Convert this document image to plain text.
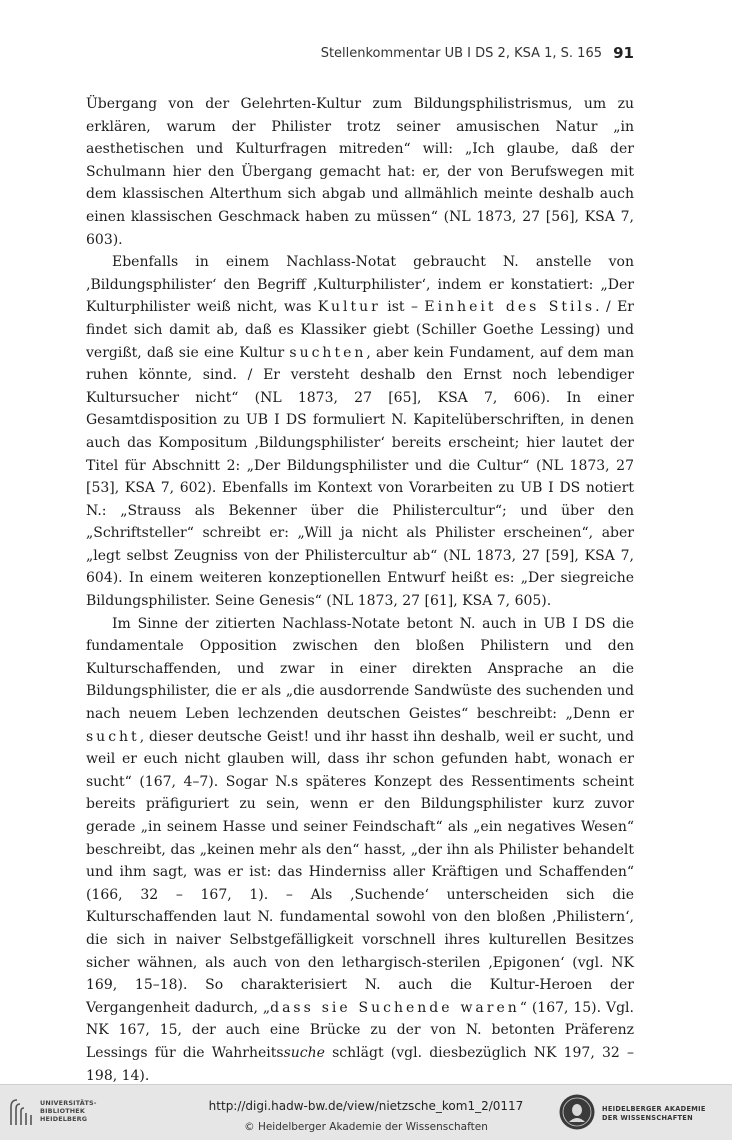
Stellenkommentar UB I DS 2, KSA 1, S. 165 91

Übergang von der Gelehrten-Kultur zum Bildungsphilistrismus, um zu erklären, warum der Philister trotz seiner amusischen Natur „in aesthetischen und Kulturfragen mitreden“ will: „Ich glaube, daß der Schulmann hier den Übergang gemacht hat: er, der von Berufswegen mit dem klassischen Alterthum sich abgab und allmählich meinte deshalb auch einen klassischen Geschmack haben zu müssen“ (NL 1873, 27 [56], KSA 7, 603).

Ebenfalls in einem Nachlass-Notat gebraucht N. anstelle von ‚Bildungsphilister‘ den Begriff ‚Kulturphilister‘, indem er konstatiert: „Der Kulturphilister weiß nicht, was Kultur ist – Einheit des Stils. / Er findet sich damit ab, daß es Klassiker giebt (Schiller Goethe Lessing) und vergißt, daß sie eine Kultur suchten, aber kein Fundament, auf dem man ruhen könnte, sind. / Er versteht deshalb den Ernst noch lebendiger Kultursucher nicht“ (NL 1873, 27 [65], KSA 7, 606). In einer Gesamtdisposition zu UB I DS formuliert N. Kapitelüberschriften, in denen auch das Kompositum ‚Bildungsphilister‘ bereits erscheint; hier lautet der Titel für Abschnitt 2: „Der Bildungsphilister und die Cultur“ (NL 1873, 27 [53], KSA 7, 602). Ebenfalls im Kontext von Vorarbeiten zu UB I DS notiert N.: „Strauss als Bekenner über die Philistercultur“; und über den „Schriftsteller“ schreibt er: „Will ja nicht als Philister erscheinen“, aber „legt selbst Zeugniss von der Philistercultur ab“ (NL 1873, 27 [59], KSA 7, 604). In einem weiteren konzeptionellen Entwurf heißt es: „Der siegreiche Bildungsphilister. Seine Genesis“ (NL 1873, 27 [61], KSA 7, 605).

Im Sinne der zitierten Nachlass-Notate betont N. auch in UB I DS die fundamentale Opposition zwischen den bloßen Philistern und den Kulturschaffenden, und zwar in einer direkten Ansprache an die Bildungsphilister, die er als „die ausdorrende Sandwüste des suchenden und nach neuem Leben lechzenden deutschen Geistes“ beschreibt: „Denn er sucht, dieser deutsche Geist! und ihr hasst ihn deshalb, weil er sucht, und weil er euch nicht glauben will, dass ihr schon gefunden habt, wonach er sucht“ (167, 4–7). Sogar N.s späteres Konzept des Ressentiments scheint bereits präfiguriert zu sein, wenn er den Bildungsphilister kurz zuvor gerade „in seinem Hasse und seiner Feindschaft“ als „ein negatives Wesen“ beschreibt, das „keinen mehr als den“ hasst, „der ihn als Philister behandelt und ihm sagt, was er ist: das Hinderniss aller Kräftigen und Schaffenden“ (166, 32 – 167, 1). – Als ‚Suchende‘ unterscheiden sich die Kulturschaffenden laut N. fundamental sowohl von den bloßen ‚Philistern‘, die sich in naiver Selbstgefälligkeit vorschnell ihres kulturellen Besitzes sicher wähnen, als auch von den lethargisch-sterilen ‚Epigonen‘ (vgl. NK 169, 15–18). So charakterisiert N. auch die Kultur-Heroen der Vergangenheit dadurch, „dass sie Suchende waren“ (167, 15). Vgl. NK 167, 15, der auch eine Brücke zu der von N. betonten Präferenz Lessings für die Wahrheitssuche schlägt (vgl. diesbezüglich NK 197, 32 – 198, 14).

UNIVERSITÄTS-
BIBLIOTHEK
HEIDELBERG
http://digi.hadw-bw.de/view/nietzsche_kom1_2/0117
© Heidelberger Akademie der Wissenschaften
HEIDELBERGER AKADEMIE
DER WISSENSCHAFTEN
